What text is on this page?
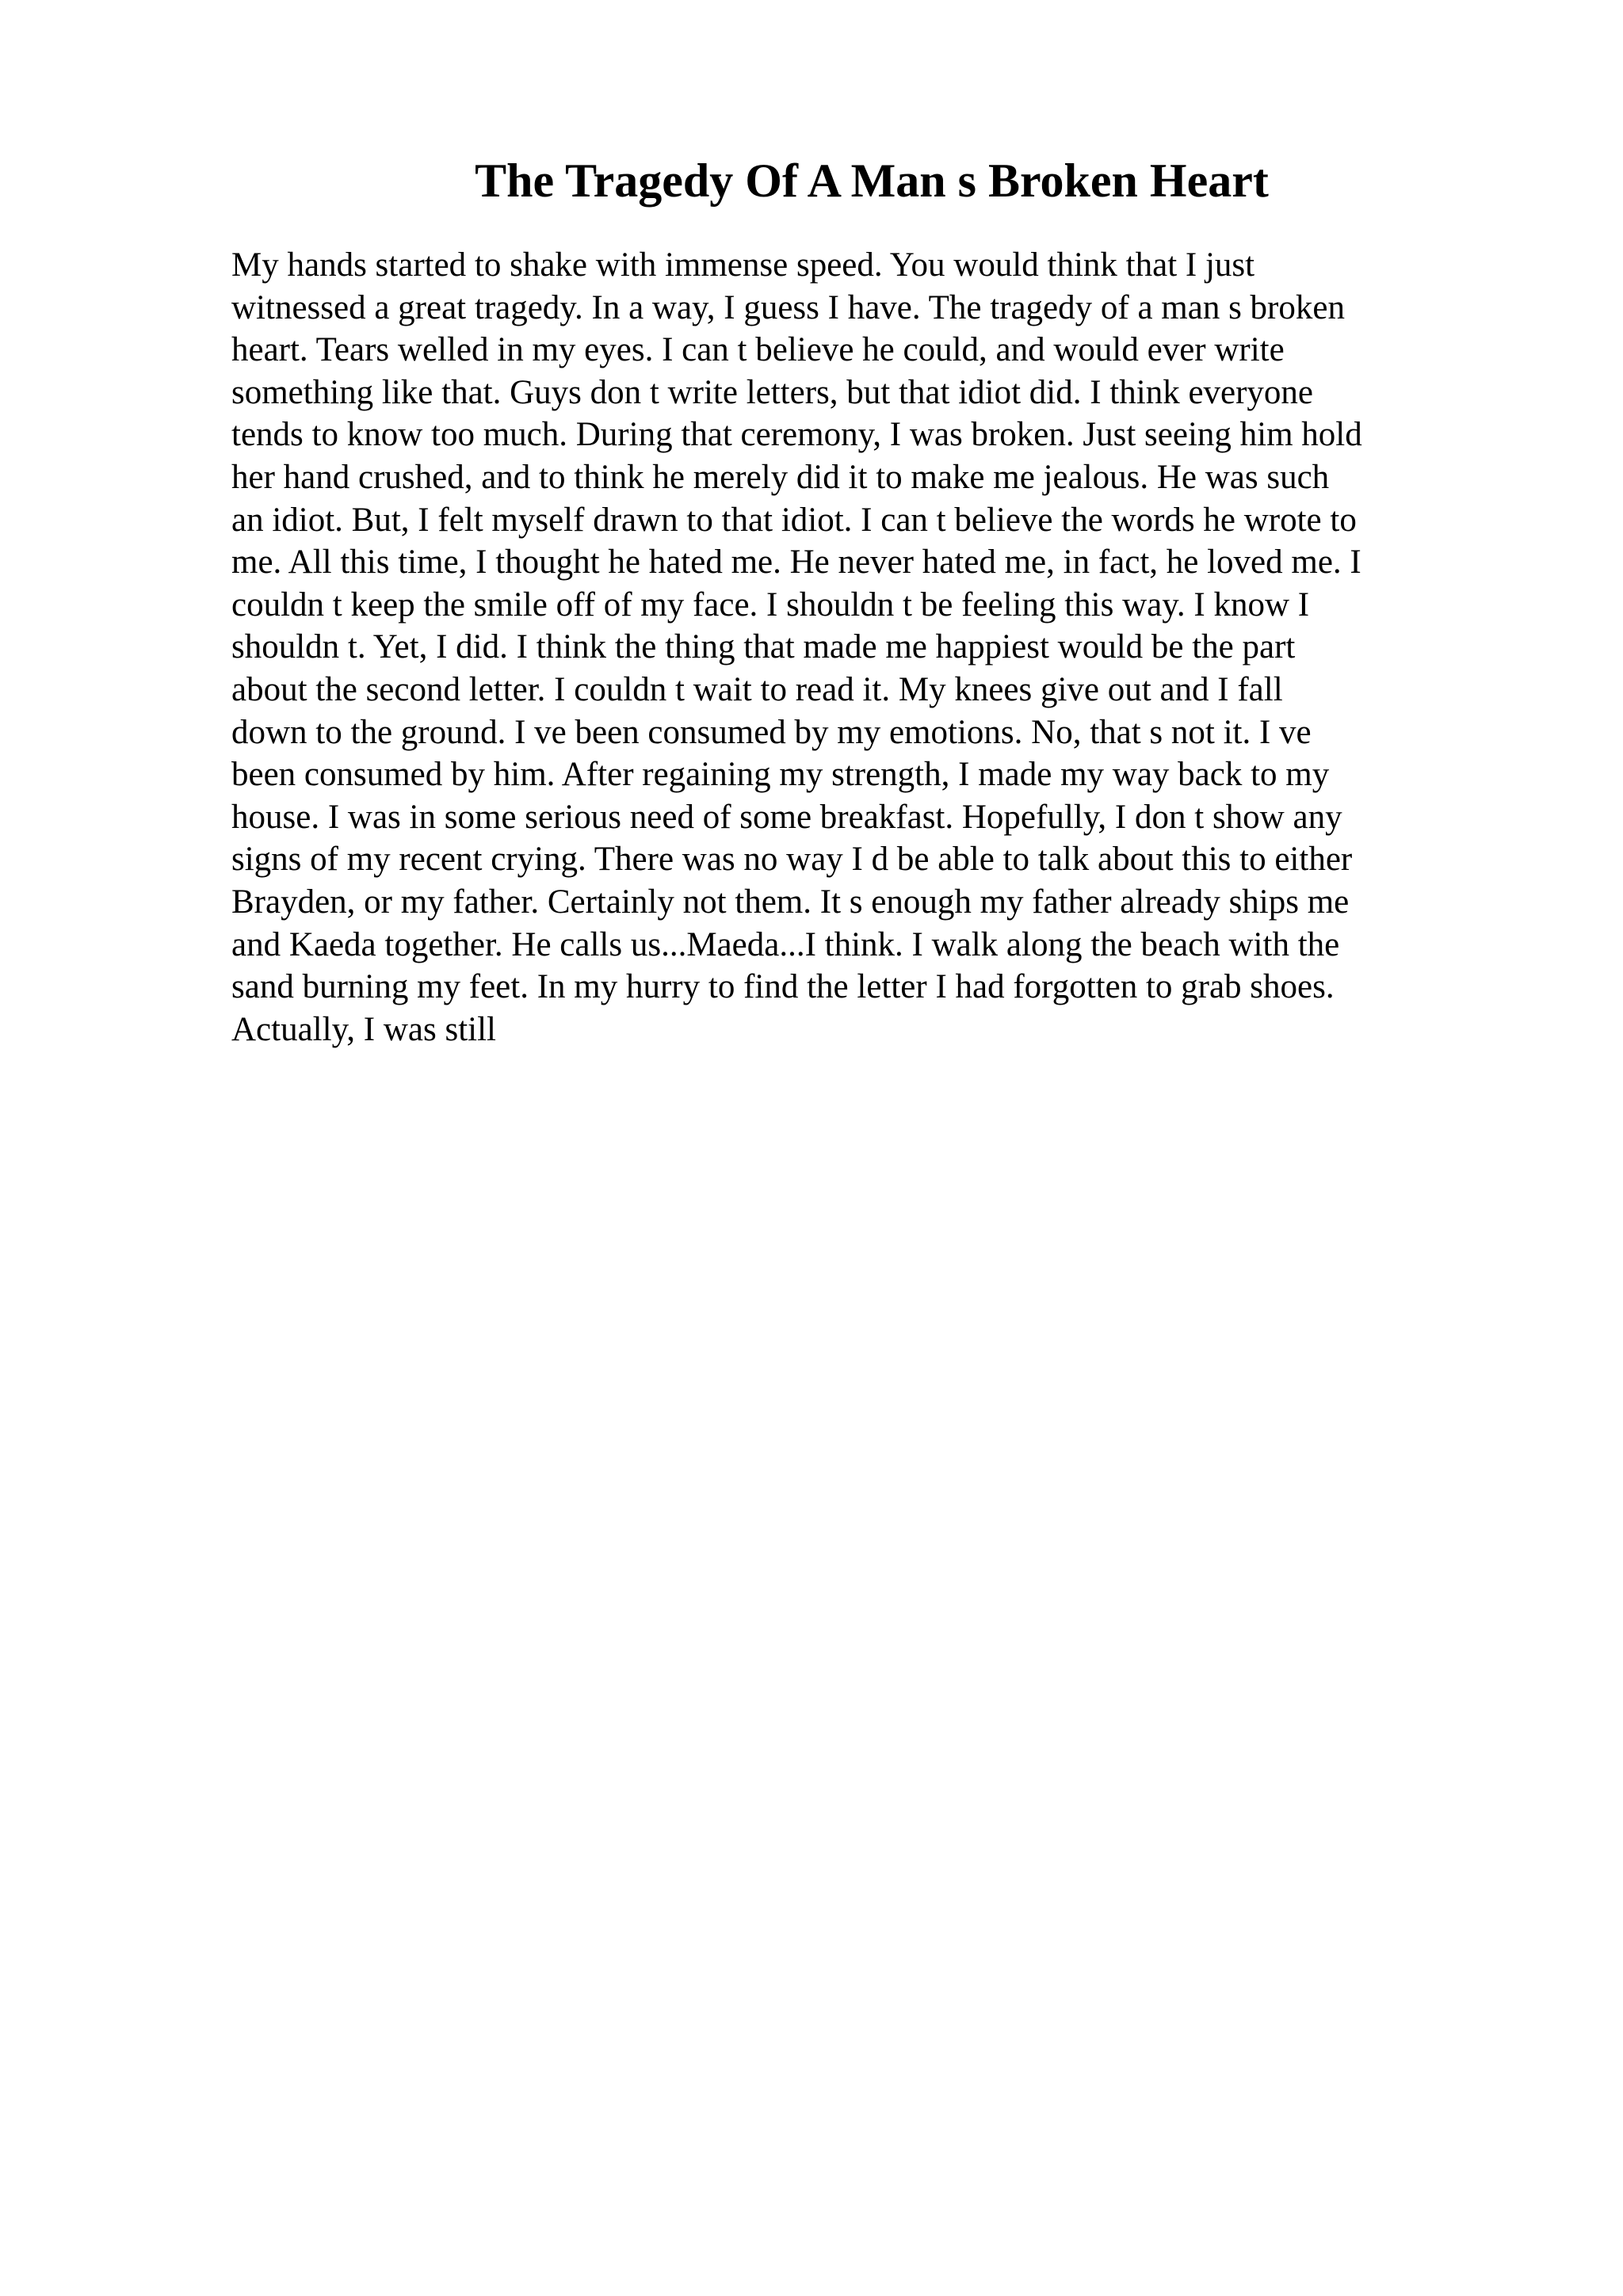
The Tragedy Of A Man s Broken Heart
My hands started to shake with immense speed. You would think that I just
witnessed a great tragedy. In a way, I guess I have. The tragedy of a man s broken
heart. Tears welled in my eyes. I can t believe he could, and would ever write
something like that. Guys don t write letters, but that idiot did. I think everyone
tends to know too much. During that ceremony, I was broken. Just seeing him hold
her hand crushed, and to think he merely did it to make me jealous. He was such
an idiot. But, I felt myself drawn to that idiot. I can t believe the words he wrote to
me. All this time, I thought he hated me. He never hated me, in fact, he loved me. I
couldn t keep the smile off of my face. I shouldn t be feeling this way. I know I
shouldn t. Yet, I did. I think the thing that made me happiest would be the part
about the second letter. I couldn t wait to read it. My knees give out and I fall
down to the ground. I ve been consumed by my emotions. No, that s not it. I ve
been consumed by him. After regaining my strength, I made my way back to my
house. I was in some serious need of some breakfast. Hopefully, I don t show any
signs of my recent crying. There was no way I d be able to talk about this to either
Brayden, or my father. Certainly not them. It s enough my father already ships me
and Kaeda together. He calls us...Maeda...I think. I walk along the beach with the
sand burning my feet. In my hurry to find the letter I had forgotten to grab shoes.
Actually, I was still
